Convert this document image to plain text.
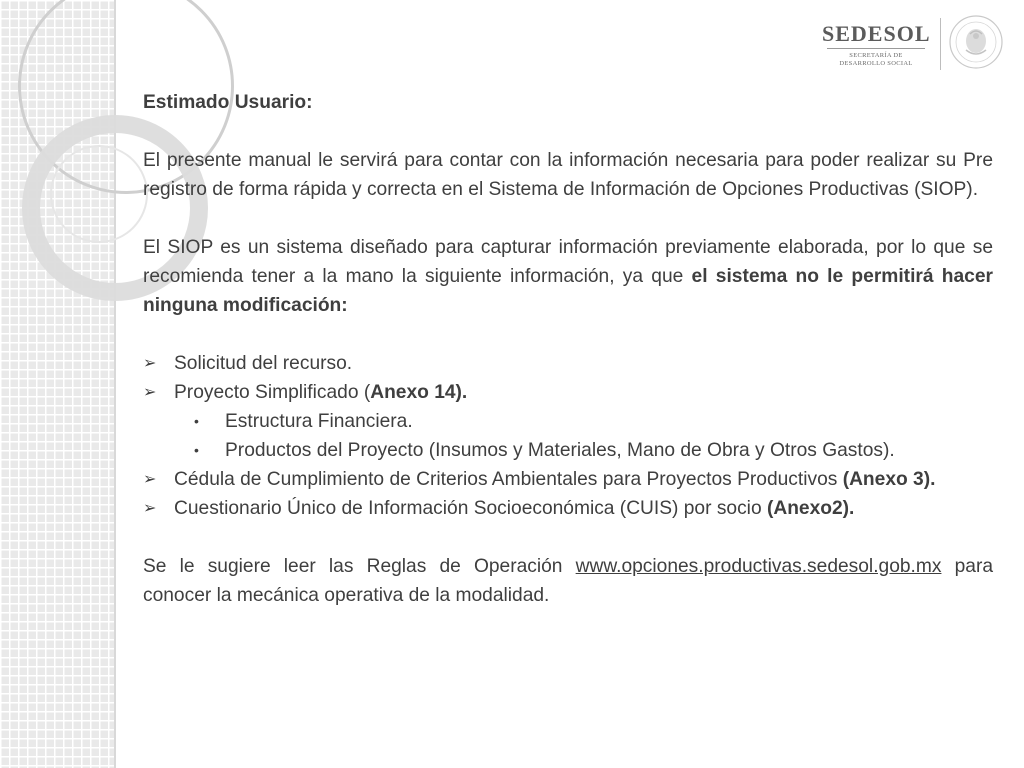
SEDESOL
SECRETARÍA DE
DESARROLLO SOCIAL

Estimado Usuario:

El presente manual le servirá para contar con la información necesaria para poder realizar su Pre registro de forma rápida y correcta en el Sistema de Información de Opciones Productivas (SIOP).

El SIOP es un sistema diseñado para capturar información previamente elaborada, por lo que se recomienda tener a la mano la siguiente información, ya que el sistema no le permitirá hacer ninguna modificación:

➢ Solicitud del recurso.
➢ Proyecto Simplificado (Anexo 14).
• Estructura Financiera.
• Productos del Proyecto (Insumos y Materiales, Mano de Obra y Otros Gastos).
➢ Cédula de Cumplimiento de Criterios Ambientales para Proyectos Productivos (Anexo 3).
➢ Cuestionario Único de Información Socioeconómica (CUIS) por socio (Anexo2).

Se le sugiere leer las Reglas de Operación www.opciones.productivas.sedesol.gob.mx para conocer la mecánica operativa de la modalidad.
